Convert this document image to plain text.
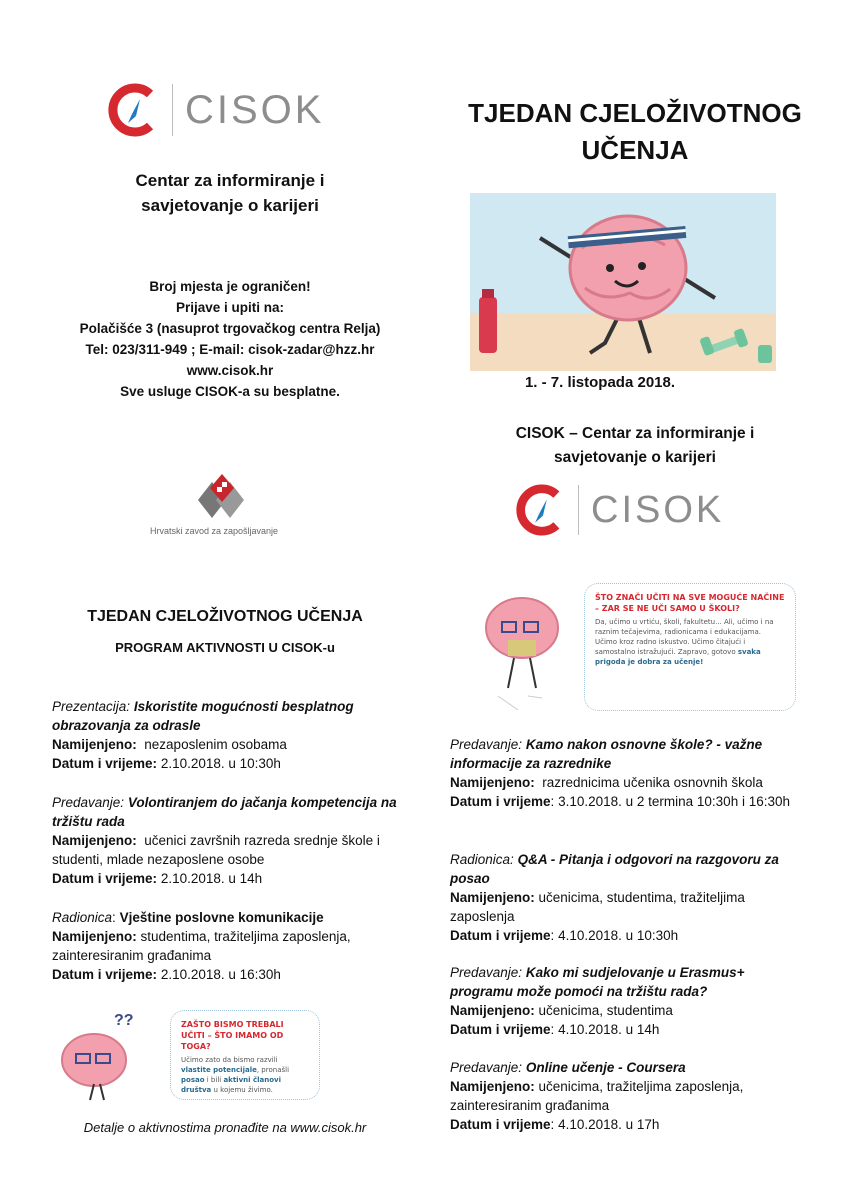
CISOK
Centar za informiranje i
savjetovanje o karijeri
Broj mjesta je ograničen!
Prijave i upiti na:
Polačišće 3 (nasuprot trgovačkog centra Relja)
Tel: 023/311-949 ; E-mail: cisok-zadar@hzz.hr
www.cisok.hr
Sve usluge CISOK-a su besplatne.
Hrvatski zavod za zapošljavanje
TJEDAN CJELOŽIVOTNOG
UČENJA
1. - 7. listopada 2018.
CISOK – Centar za informiranje i
savjetovanje o karijeri
CISOK
TJEDAN CJELOŽIVOTNOG UČENJA
PROGRAM AKTIVNOSTI U CISOK-u

Prezentacija: Iskoristite mogućnosti besplatnog obrazovanja za odrasle

Namijenjeno: nezaposlenim osobama

Datum i vrijeme: 2.10.2018. u 10:30h

Predavanje: Volontiranjem do jačanja kompetencija na tržištu rada

Namijenjeno: učenici završnih razreda srednje škole i studenti, mlade nezaposlene osobe

Datum i vrijeme: 2.10.2018. u 14h

Radionica: Vještine poslovne komunikacije

Namijenjeno: studentima, tražiteljima zaposlenja, zainteresiranim građanima

Datum i vrijeme: 2.10.2018. u 16:30h

??	ZAŠTO BISMO TREBALI UČITI – ŠTO IMAMO OD TOGA?
Učimo zato da bismo razvili vlastite potencijale, pronašli posao i bili aktivni članovi društva u kojemu živimo.
Detalje o aktivnostima pronađite na www.cisok.hr
ŠTO ZNAČI UČITI NA SVE MOGUĆE NAČINE – ZAR SE NE UČI SAMO U ŠKOLI?
Da, učimo u vrtiću, školi, fakultetu... Ali, učimo i na raznim tečajevima, radionicama i edukacijama. Učimo kroz radno iskustvo. Učimo čitajući i samostalno istražujući. Zapravo, gotovo svaka prigoda je dobra za učenje!

Predavanje: Kamo nakon osnovne škole? - važne informacije za razrednike

Namijenjeno: razrednicima učenika osnovnih škola

Datum i vrijeme: 3.10.2018. u 2 termina 10:30h i 16:30h

Radionica: Q&A - Pitanja i odgovori na razgovoru za posao

Namijenjeno: učenicima, studentima, tražiteljima zaposlenja

Datum i vrijeme: 4.10.2018. u 10:30h

Predavanje: Kako mi sudjelovanje u Erasmus+ programu može pomoći na tržištu rada?

Namijenjeno: učenicima, studentima

Datum i vrijeme: 4.10.2018. u 14h

Predavanje: Online učenje - Coursera

Namijenjeno: učenicima, tražiteljima zaposlenja, zainteresiranim građanima

Datum i vrijeme: 4.10.2018. u 17h
